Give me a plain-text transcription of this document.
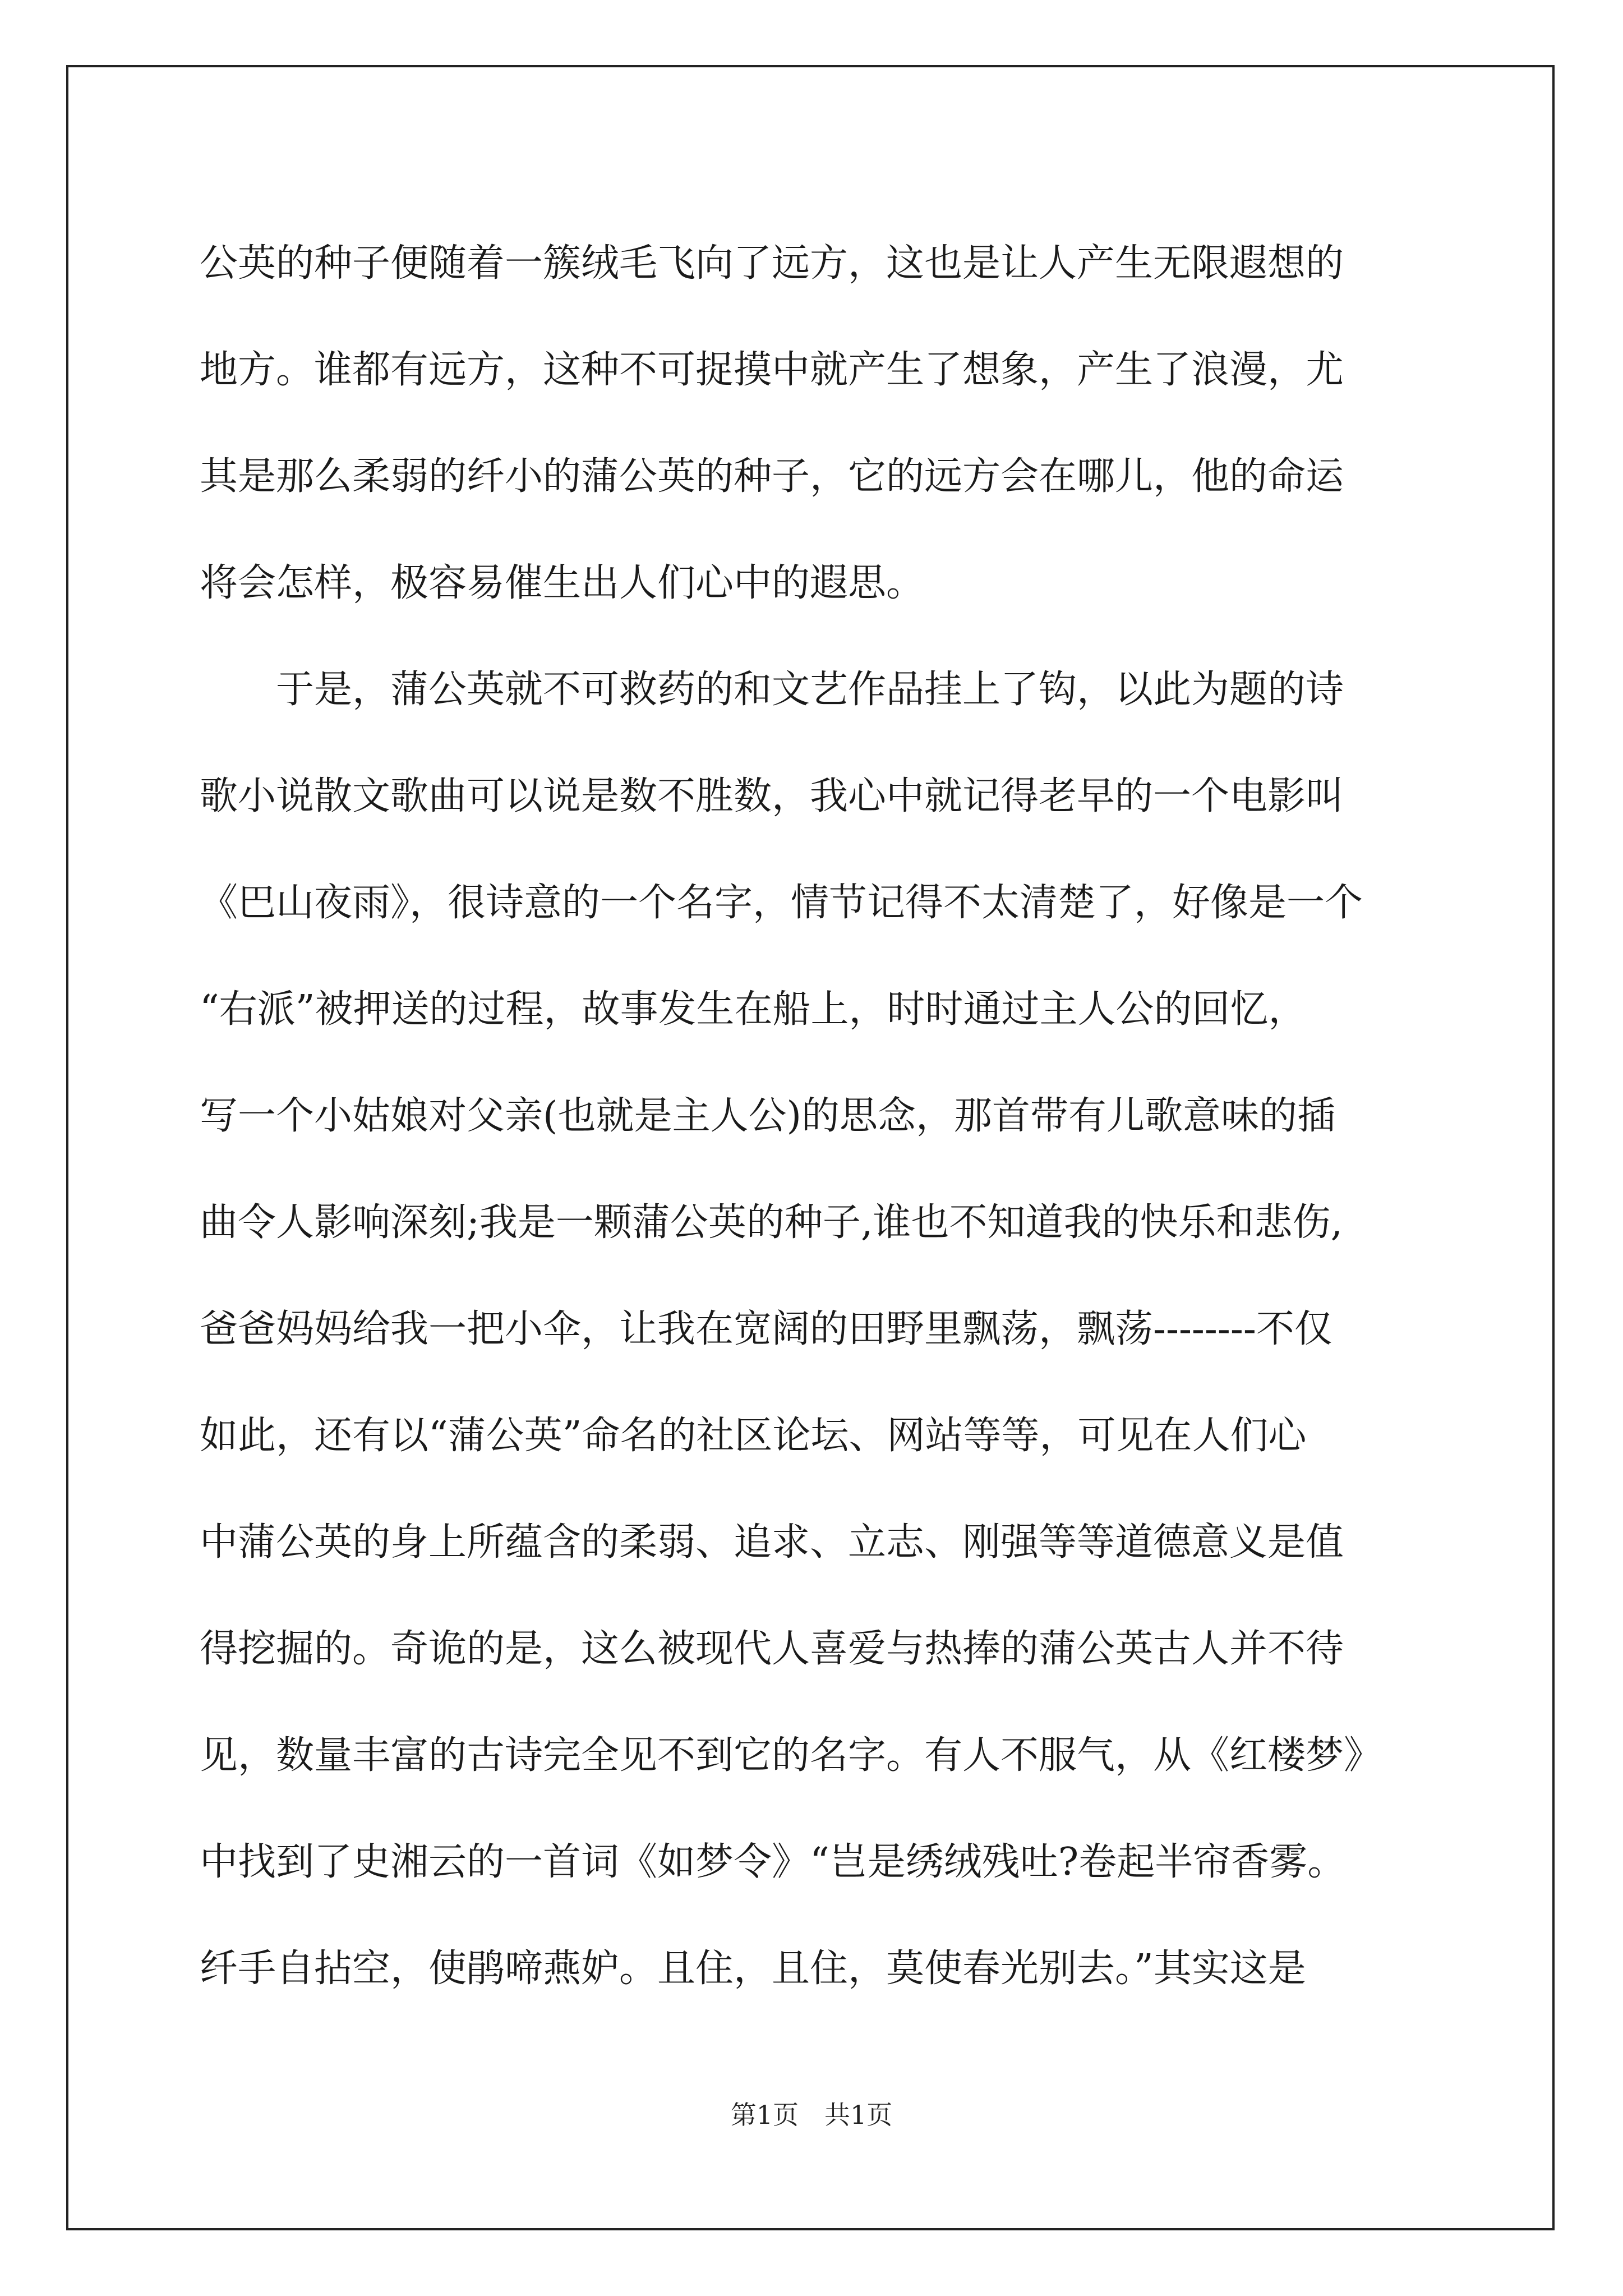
公英的种子便随着一簇绒毛飞向了远方，这也是让人产生无限遐想的
地方。谁都有远方，这种不可捉摸中就产生了想象，产生了浪漫，尤
其是那么柔弱的纤小的蒲公英的种子，它的远方会在哪儿，他的命运
将会怎样，极容易催生出人们心中的遐思。
　　于是，蒲公英就不可救药的和文艺作品挂上了钩，以此为题的诗
歌小说散文歌曲可以说是数不胜数，我心中就记得老早的一个电影叫
《巴山夜雨》，很诗意的一个名字，情节记得不太清楚了，好像是一个
“右派”被押送的过程，故事发生在船上，时时通过主人公的回忆，
写一个小姑娘对父亲(也就是主人公)的思念，那首带有儿歌意味的插
曲令人影响深刻;我是一颗蒲公英的种子,谁也不知道我的快乐和悲伤,
爸爸妈妈给我一把小伞，让我在宽阔的田野里飘荡，飘荡--------不仅
如此，还有以“蒲公英”命名的社区论坛、网站等等，可见在人们心
中蒲公英的身上所蕴含的柔弱、追求、立志、刚强等等道德意义是值
得挖掘的。奇诡的是，这么被现代人喜爱与热捧的蒲公英古人并不待
见，数量丰富的古诗完全见不到它的名字。有人不服气，从《红楼梦》
中找到了史湘云的一首词《如梦令》“岂是绣绒残吐?卷起半帘香雾。
纤手自拈空，使鹃啼燕妒。且住，且住，莫使春光别去。”其实这是
第1页 共1页
